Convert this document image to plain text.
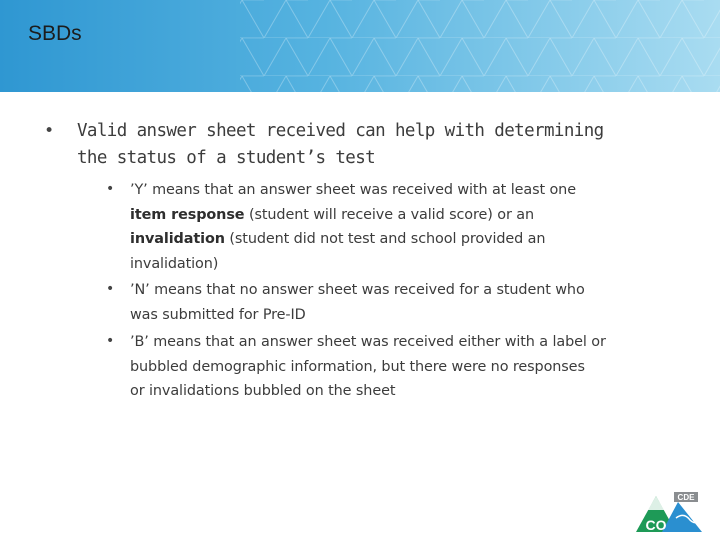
SBDs
• Valid answer sheet received can help with determining
the status of a student’s test
• ’Y’ means that an answer sheet was received with at least one
item response (student will receive a valid score) or an
invalidation (student did not test and school provided an
invalidation)
• ’N’ means that no answer sheet was received for a student who
was submitted for Pre-ID
• ’B’ means that an answer sheet was received either with a label or
bubbled demographic information, but there were no responses
or invalidations bubbled on the sheet
CDE
CO
